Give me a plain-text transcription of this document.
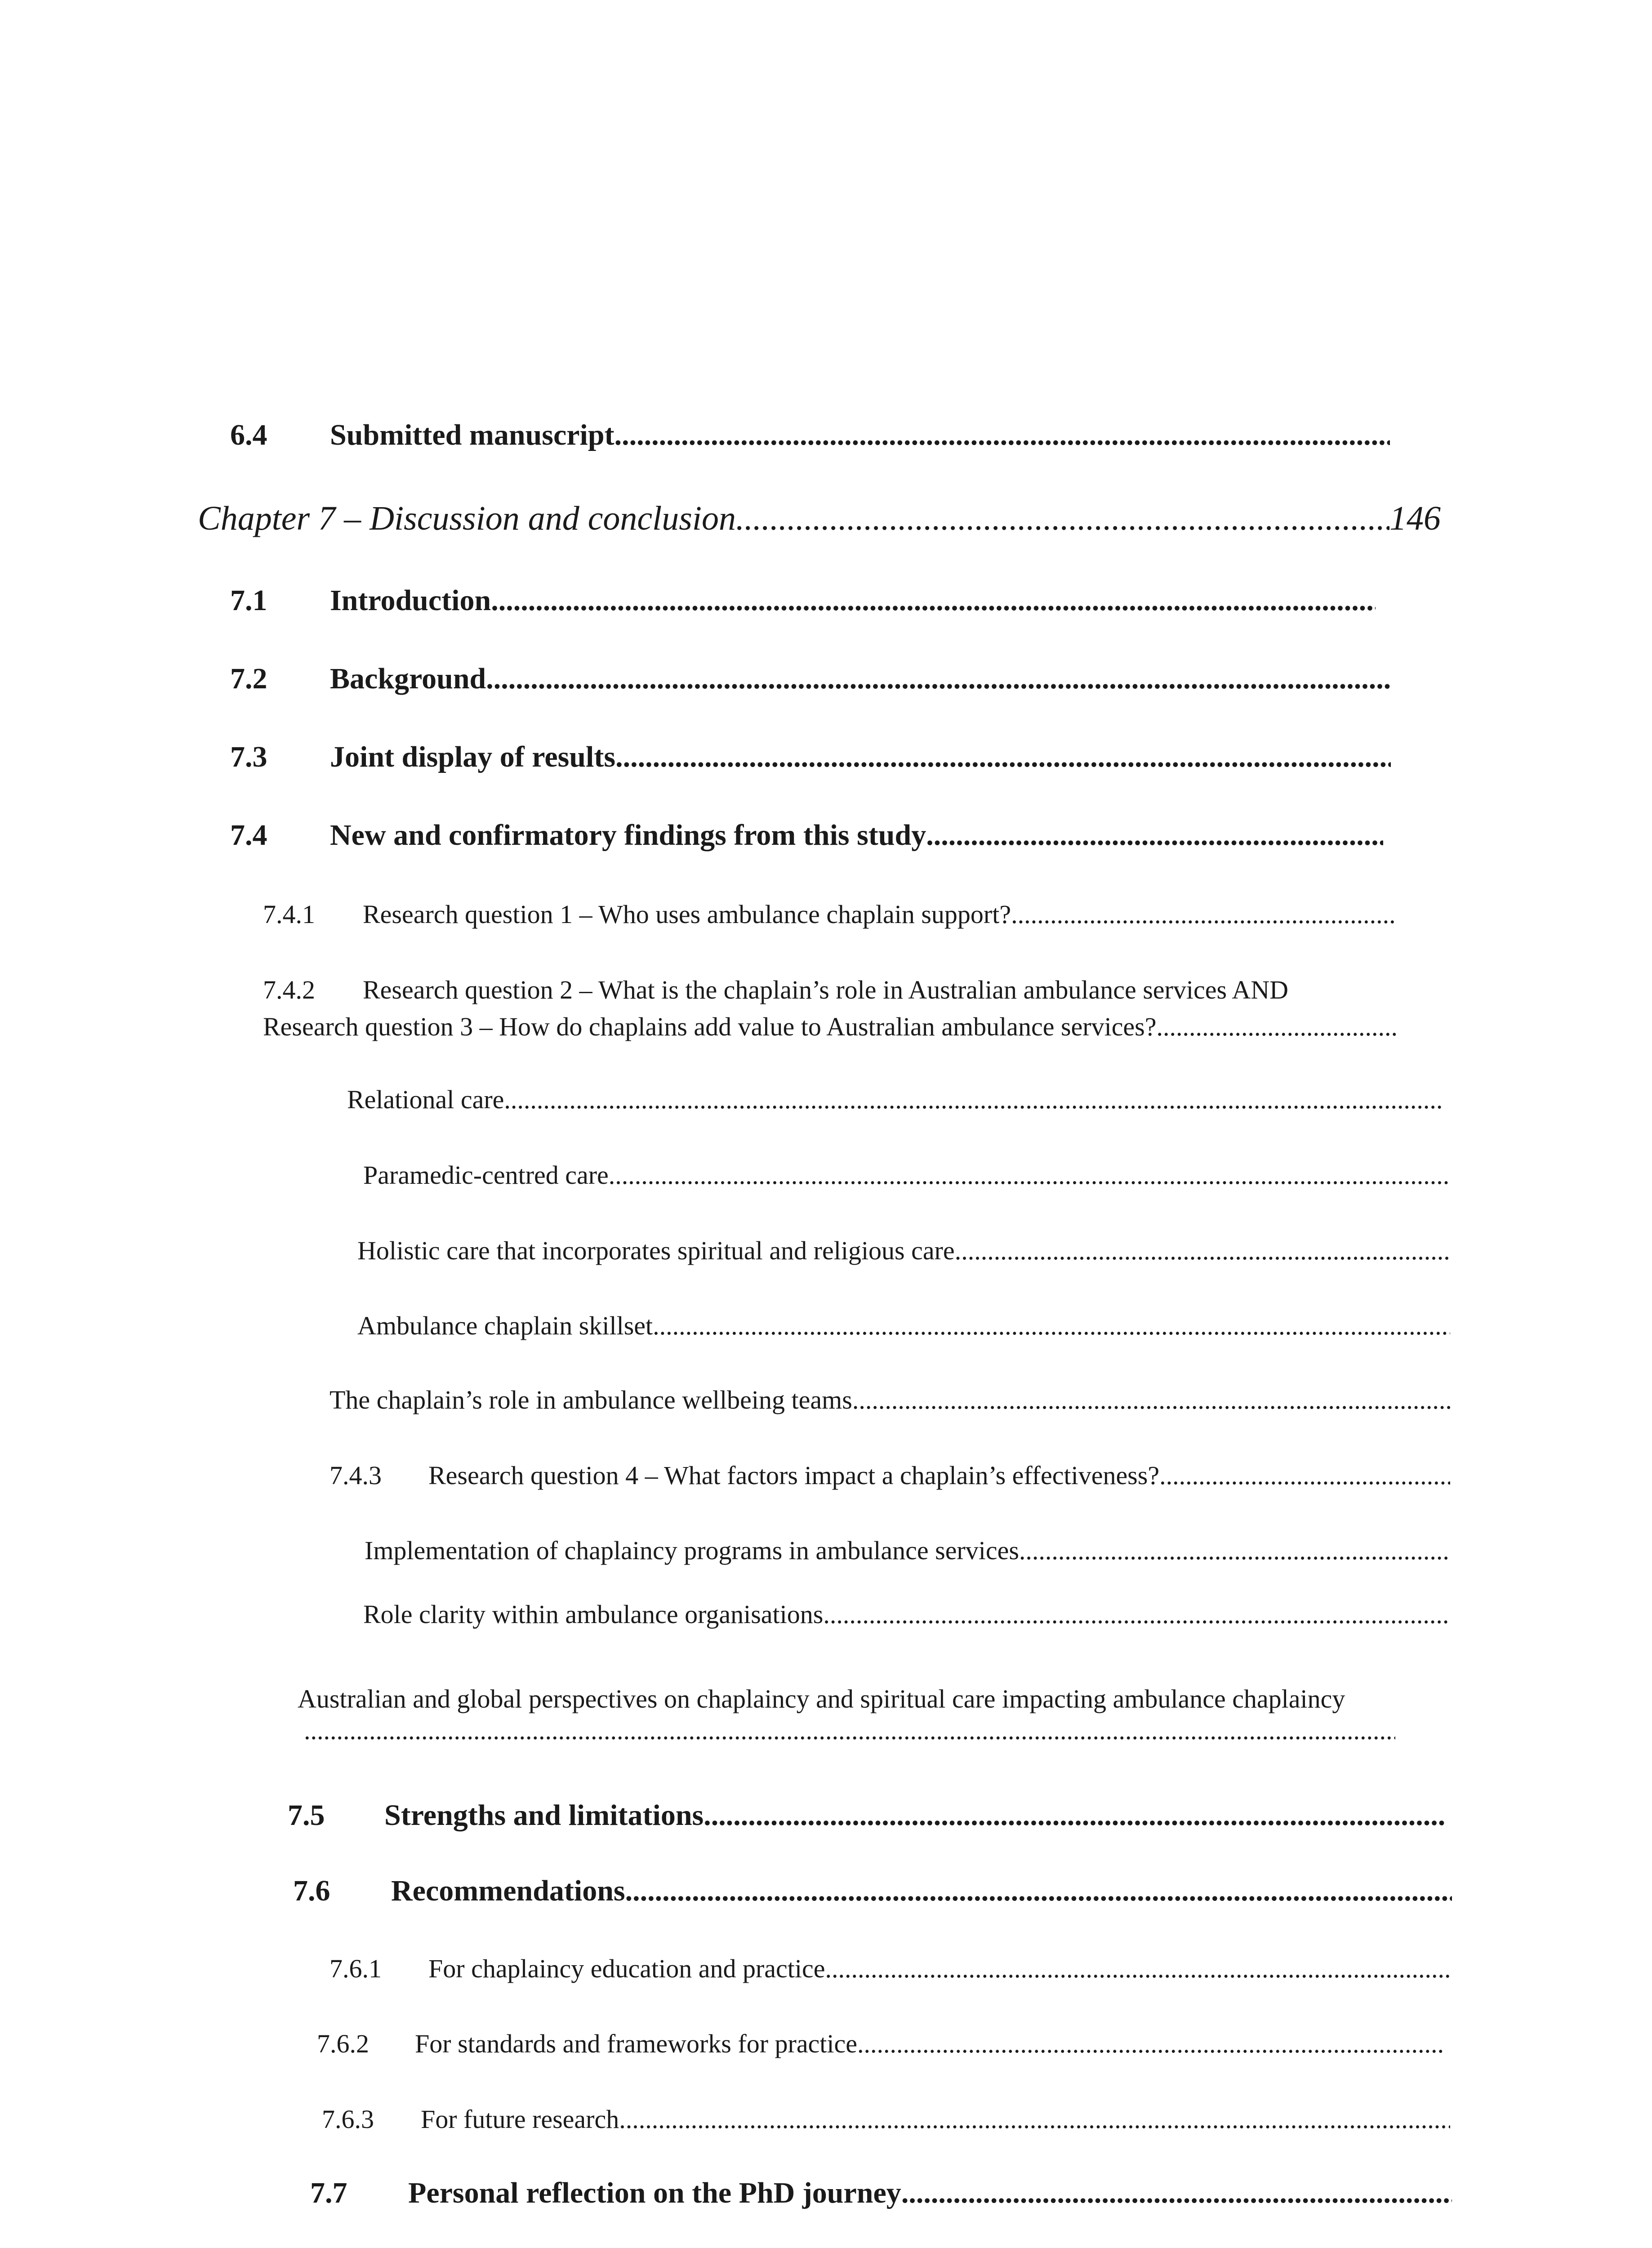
6.4	Submitted manuscript
.....
Chapter 7 – Discussion and conclusion
.....	146
7.1	Introduction
.....
7.2	Background
.....
7.3	Joint display of results
.....
7.4	New and confirmatory findings from this study
.....
7.4.1	Research question 1 – Who uses ambulance chaplain support?
.....
7.4.2 Research question 2 – What is the chaplain’s role in Australian ambulance services AND
Research question 3 – How do chaplains add value to Australian ambulance services?
.....
Relational care
.....
Paramedic-centred care
.....
Holistic care that incorporates spiritual and religious care
.....
Ambulance chaplain skillset
.....
The chaplain’s role in ambulance wellbeing teams
.....
7.4.3	Research question 4 – What factors impact a chaplain’s effectiveness?
.....
Implementation of chaplaincy programs in ambulance services
.....
Role clarity within ambulance organisations
.....
Australian and global perspectives on chaplaincy and spiritual care impacting ambulance chaplaincy
.....
7.5	Strengths and limitations
.....
7.6	Recommendations
.....
7.6.1	For chaplaincy education and practice
.....
7.6.2	For standards and frameworks for practice
.....
7.6.3	For future research
.....
7.7	Personal reflection on the PhD journey
.....
